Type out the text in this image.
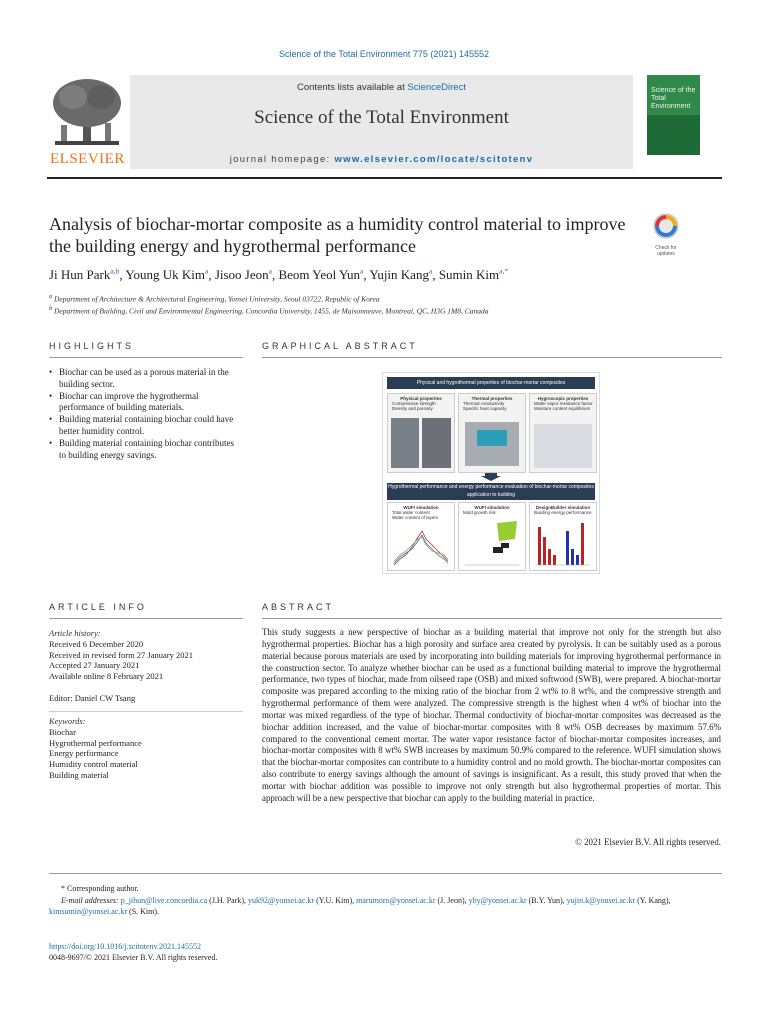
Science of the Total Environment 775 (2021) 145552
ELSEVIER
Contents lists available at ScienceDirect
Science of the Total Environment
journal homepage: www.elsevier.com/locate/scitotenv
Science of the Total Environment
Analysis of biochar-mortar composite as a humidity control material to improve the building energy and hygrothermal performance	Check for updates
Ji Hun Park$^{a,b}$, Young Uk Kim$^a$, Jisoo Jeon$^a$, Beom Yeol Yun$^a$, Yujin Kang$^a$, Sumin Kim$^{a,*}$
$^a$ Department of Architecture & Architectural Engineering, Yonsei University, Seoul 03722, Republic of Korea
$^b$ Department of Building, Civil and Environmental Engineering, Concordia University, 1455, de Maisonneuve, Montreal, QC, H3G 1M8, Canada
HIGHLIGHTS	GRAPHICAL ABSTRACT
• Biochar can be used as a porous material in the building sector.
• Biochar can improve the hygrothermal performance of building materials.
• Building material containing biochar could have better humidity control.
• Building material containing biochar contributes to building energy savings.
Physical and hygrothermal properties of biochar-mortar composites
Physical properties
Compressive strength
Density and porosity
Thermal properties
Thermal conductivity
Specific heat capacity
Hygroscopic properties
Water vapor resistance factor
Moisture content equilibrium
Hygrothermal performance and energy performance evaluation of biochar-mortar composites application to building
WUFI simulation
Total water content
Water content of layers
WUFI simulation
Mold growth risk
DesignBuilder simulation
Building energy performance
ARTICLE INFO	ABSTRACT
Article history:
Received 6 December 2020
Received in revised form 27 January 2021
Accepted 27 January 2021
Available online 8 February 2021
Editor: Daniel CW Tsang
Keywords:
Biochar
Hygrothermal performance
Energy performance
Humidity control material
Building material
This study suggests a new perspective of biochar as a building material that improve not only for the strength but also hygrothermal properties. Biochar has a high porosity and surface area created by pyrolysis. It can be suitably used as a porous material because porous materials are used by incorporating into building materials for improving hygrothermal performance in the construction sector. To analyze whether biochar can be used as a functional building material to improve the hygrothermal performance, two types of biochar, made from oilseed rape (OSB) and mixed softwood (SWB), were prepared. A biochar-mortar composite was prepared according to the mixing ratio of the biochar from 2 wt% to 8 wt%, and the compressive strength and hygrothermal performance of them were analyzed. The compressive strength is the highest when 4 wt% of biochar into the mortar was mixed regardless of the type of biochar. Thermal conductivity of biochar-mortar composites was decreased as the biochar addition increased, and the value of biochar-mortar composites with 8 wt% OSB decreases by maximum 57.6% compared to the conventional cement mortar. The water vapor resistance factor of biochar-mortar composites increases, and biochar-mortar composites with 8 wt% SWB increases by maximum 50.9% compared to the reference. WUFI simulation shows that the biochar-mortar composites can contribute to a humidity control and no mold growth. The biochar-mortar composites can also contribute to energy savings although the amount of savings is insignificant. As a result, this study proved that when the mortar with biochar addition was possible to improve not only strength but also hygrothermal properties of mortar. This approach will be a new perspective that biochar can apply to the building material in practice.
© 2021 Elsevier B.V. All rights reserved.
* Corresponding author.
E-mail addresses: p_jihun@live.concordia.ca (J.H. Park), yuk92@yonsei.ac.kr (Y.U. Kim), marumoro@yonsei.ac.kr (J. Jeon), yby@yonsei.ac.kr (B.Y. Yun), yujin.k@yonsei.ac.kr (Y. Kang),
kimsumin@yonsei.ac.kr (S. Kim).
https://doi.org/10.1016/j.scitotenv.2021.145552
0048-9697/© 2021 Elsevier B.V. All rights reserved.
